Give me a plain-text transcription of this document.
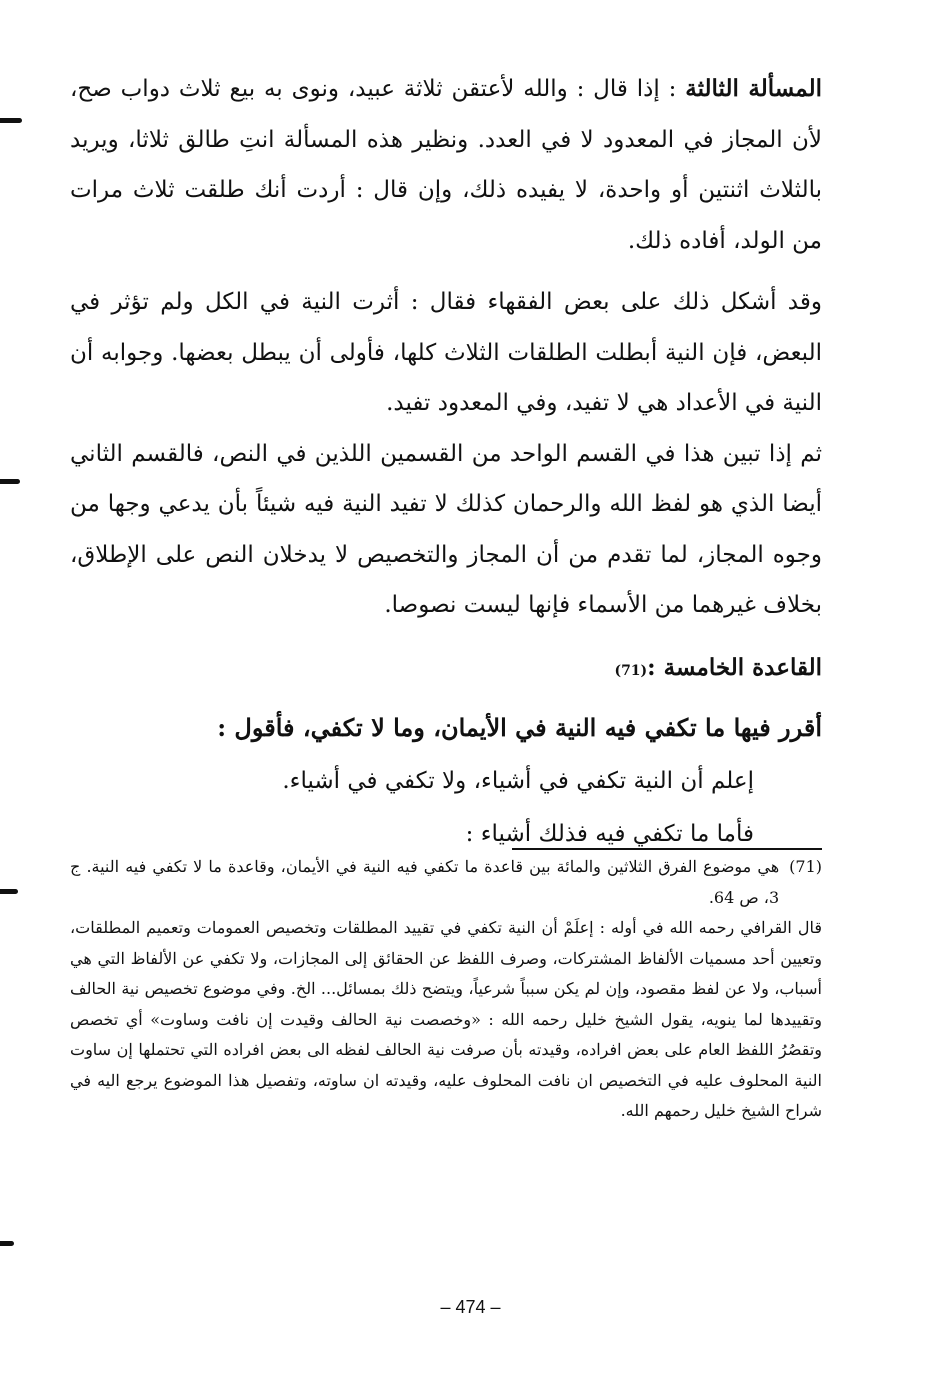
المسألة الثالثة : إذا قال : والله لأعتقن ثلاثة عبيد، ونوى به بيع ثلاث دواب صح، لأن المجاز في المعدود لا في العدد. ونظير هذه المسألة انتِ طالق ثلاثا، ويريد بالثلاث اثنتين أو واحدة، لا يفيده ذلك، وإن قال : أردت أنك طلقت ثلاث مرات من الولد، أفاده ذلك.

وقد أشكل ذلك على بعض الفقهاء فقال : أثرت النية في الكل ولم تؤثر في البعض، فإن النية أبطلت الطلقات الثلاث كلها، فأولى أن يبطل بعضها. وجوابه أن النية في الأعداد هي لا تفيد، وفي المعدود تفيد.

ثم إذا تبين هذا في القسم الواحد من القسمين اللذين في النص، فالقسم الثاني أيضا الذي هو لفظ الله والرحمان كذلك لا تفيد النية فيه شيئاً بأن يدعي وجها من وجوه المجاز، لما تقدم من أن المجاز والتخصيص لا يدخلان النص على الإطلاق، بخلاف غيرهما من الأسماء فإنها ليست نصوصا.

القاعدة الخامسة :(71)

أقرر فيها ما تكفي فيه النية في الأيمان، وما لا تكفي، فأقول :
إعلم أن النية تكفي في أشياء، ولا تكفي في أشياء.
فأما ما تكفي فيه فذلك أشياء :
(71)
هي موضوع الفرق الثلاثين والمائة بين قاعدة ما تكفي فيه النية في الأيمان، وقاعدة ما لا تكفي فيه النية. ج 3، ص 64.

قال القرافي رحمه الله في أوله : إعلَمْ أن النية تكفي في تقييد المطلقات وتخصيص العمومات وتعميم المطلقات، وتعيين أحد مسميات الألفاظ المشتركات، وصرف اللفظ عن الحقائق إلى المجازات، ولا تكفي عن الألفاظ التي هي أسباب، ولا عن لفظ مقصود، وإن لم يكن سبباً شرعياً، ويتضح ذلك بمسائل... الخ. وفي موضوع تخصيص نية الحالف وتقييدها لما ينويه، يقول الشيخ خليل رحمه الله : «وخصصت نية الحالف وقيدت إن نافت وساوت» أي تخصص وتقصُرُ اللفظ العام على بعض افراده، وقيدته بأن صرفت نية الحالف لفظه الى بعض افراده التي تحتملها إن ساوت النية المحلوف عليه في التخصيص ان نافت المحلوف عليه، وقيدته ان ساوته، وتفصيل هذا الموضوع يرجع اليه في شراح الشيخ خليل رحمهم الله.

– 474 –
